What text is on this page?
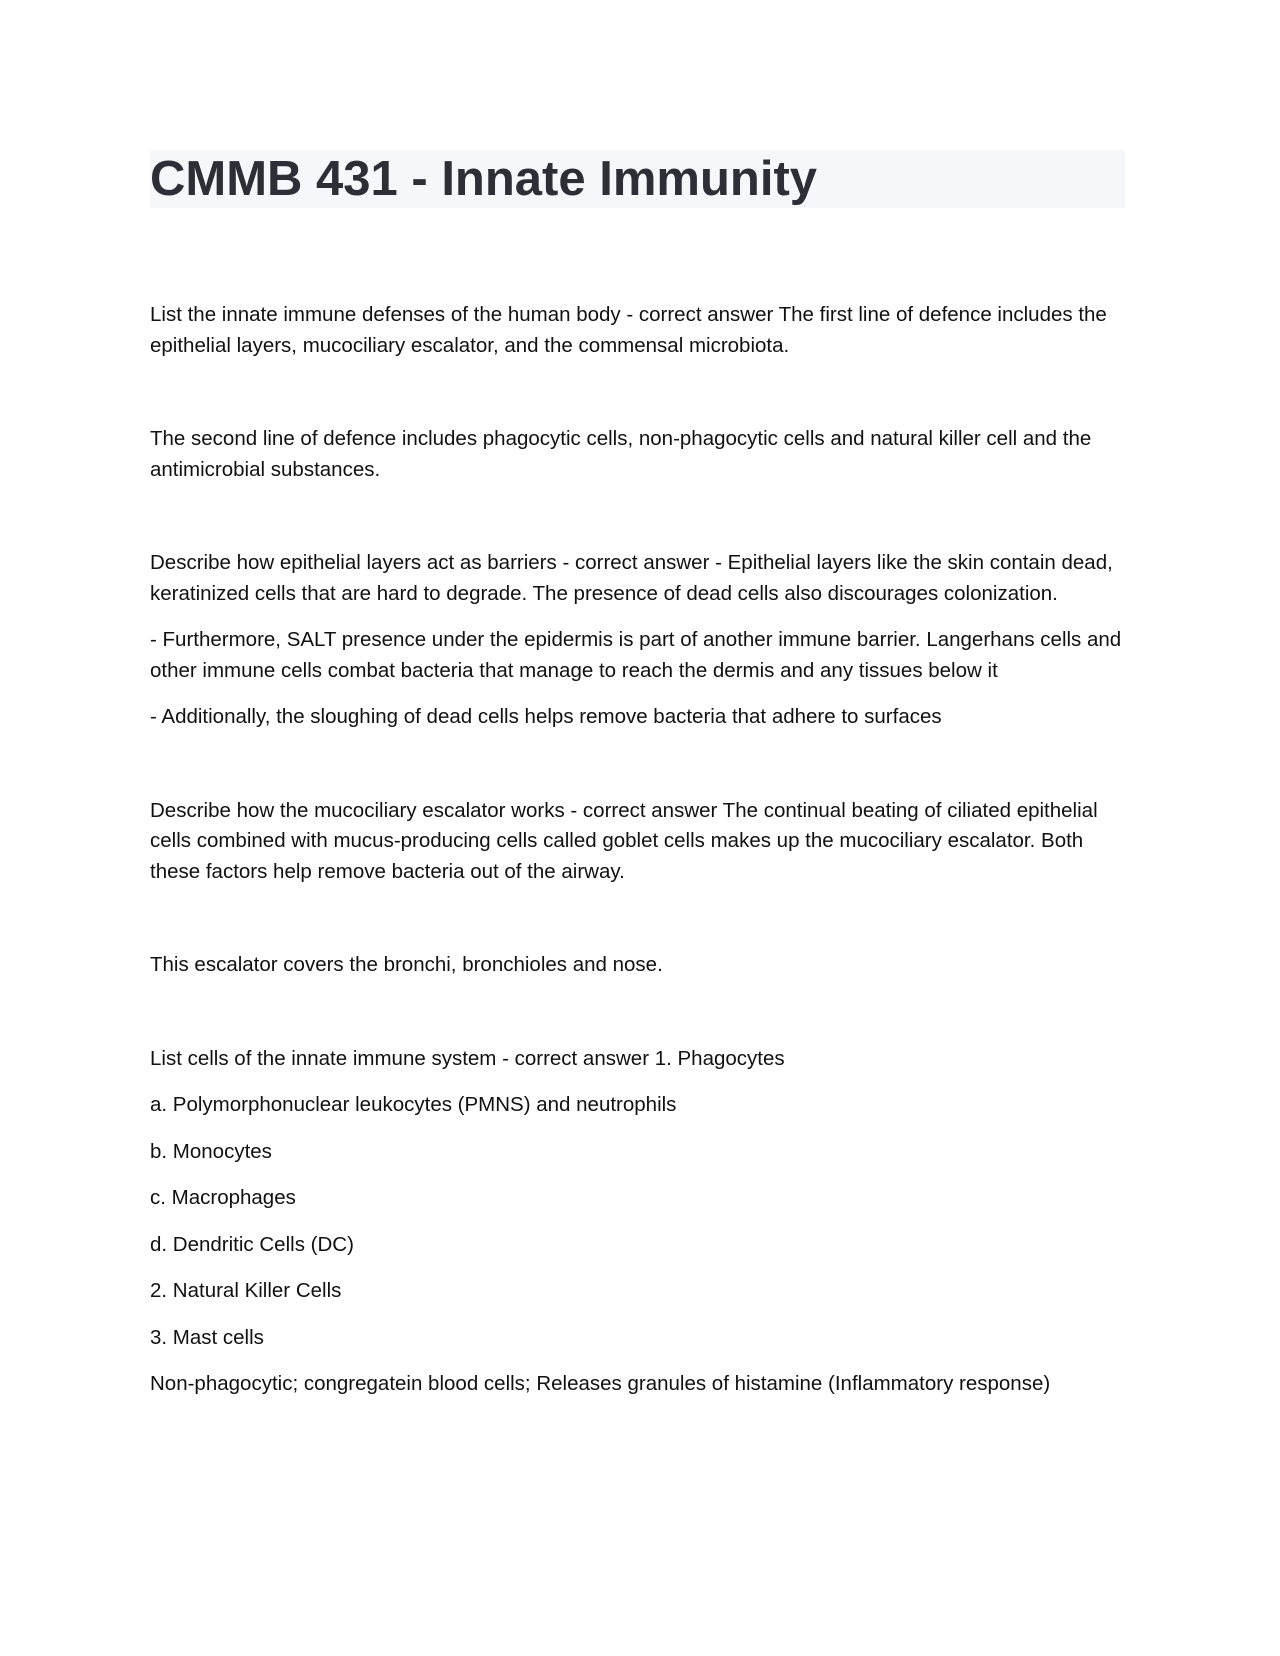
CMMB 431 - Innate Immunity

List the innate immune defenses of the human body - correct answer The first line of defence includes the epithelial layers, mucociliary escalator, and the commensal microbiota.

The second line of defence includes phagocytic cells, non-phagocytic cells and natural killer cell and the antimicrobial substances.

Describe how epithelial layers act as barriers - correct answer - Epithelial layers like the skin contain dead, keratinized cells that are hard to degrade. The presence of dead cells also discourages colonization.

- Furthermore, SALT presence under the epidermis is part of another immune barrier. Langerhans cells and other immune cells combat bacteria that manage to reach the dermis and any tissues below it

- Additionally, the sloughing of dead cells helps remove bacteria that adhere to surfaces

Describe how the mucociliary escalator works - correct answer The continual beating of ciliated epithelial cells combined with mucus-producing cells called goblet cells makes up the mucociliary escalator. Both these factors help remove bacteria out of the airway.

This escalator covers the bronchi, bronchioles and nose.

List cells of the innate immune system - correct answer 1. Phagocytes

a. Polymorphonuclear leukocytes (PMNS) and neutrophils

b. Monocytes

c. Macrophages

d. Dendritic Cells (DC)

2. Natural Killer Cells

3. Mast cells

Non-phagocytic; congregatein blood cells; Releases granules of histamine (Inflammatory response)
